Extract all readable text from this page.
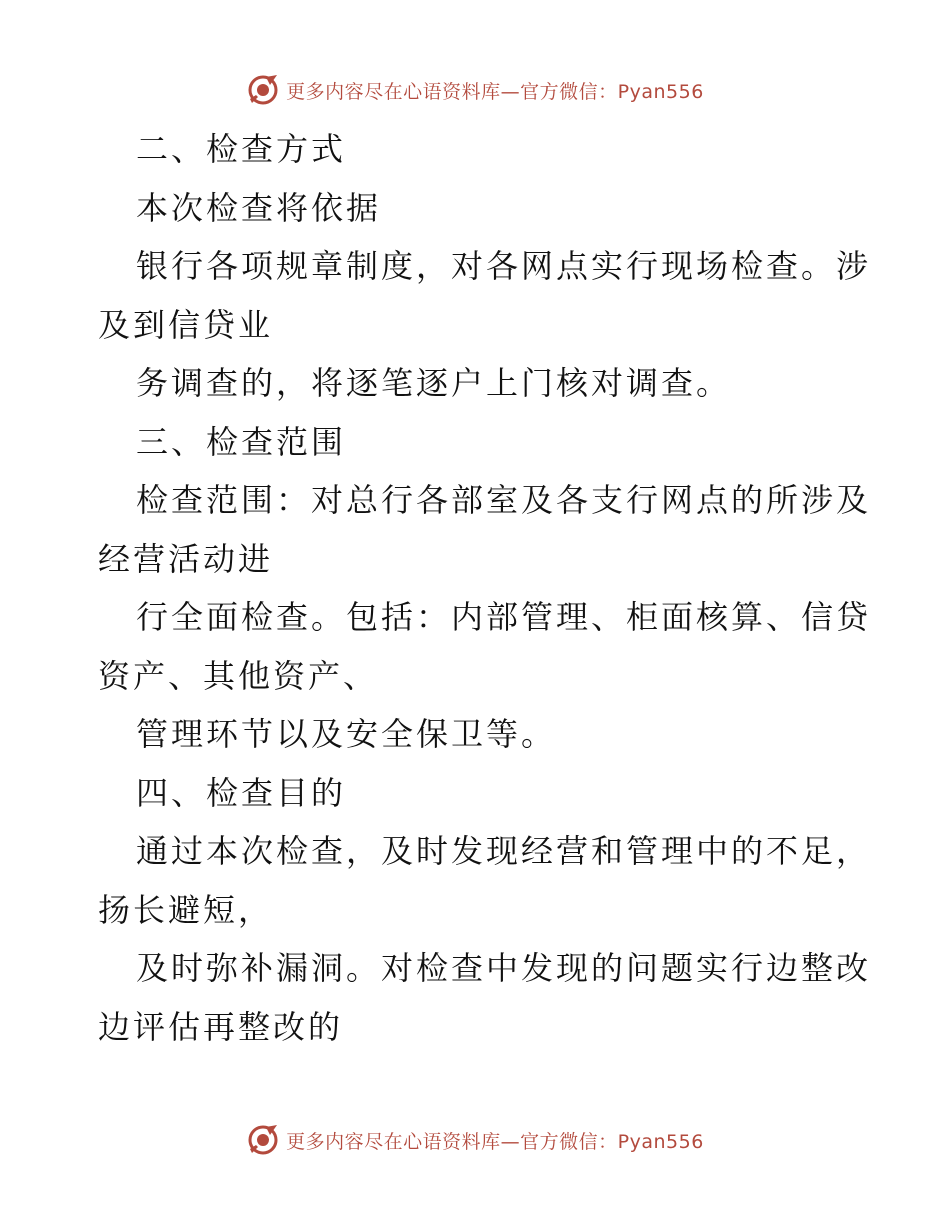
更多内容尽在心语资料库—官方微信：Pyan556
二、检查方式
本次检查将依据
银行各项规章制度，对各网点实行现场检查。涉
及到信贷业
务调查的，将逐笔逐户上门核对调查。
三、检查范围
检查范围：对总行各部室及各支行网点的所涉及
经营活动进
行全面检查。包括：内部管理、柜面核算、信贷
资产、其他资产、
管理环节以及安全保卫等。
四、检查目的
通过本次检查，及时发现经营和管理中的不足，
扬长避短，
及时弥补漏洞。对检查中发现的问题实行边整改
边评估再整改的
更多内容尽在心语资料库—官方微信：Pyan556
